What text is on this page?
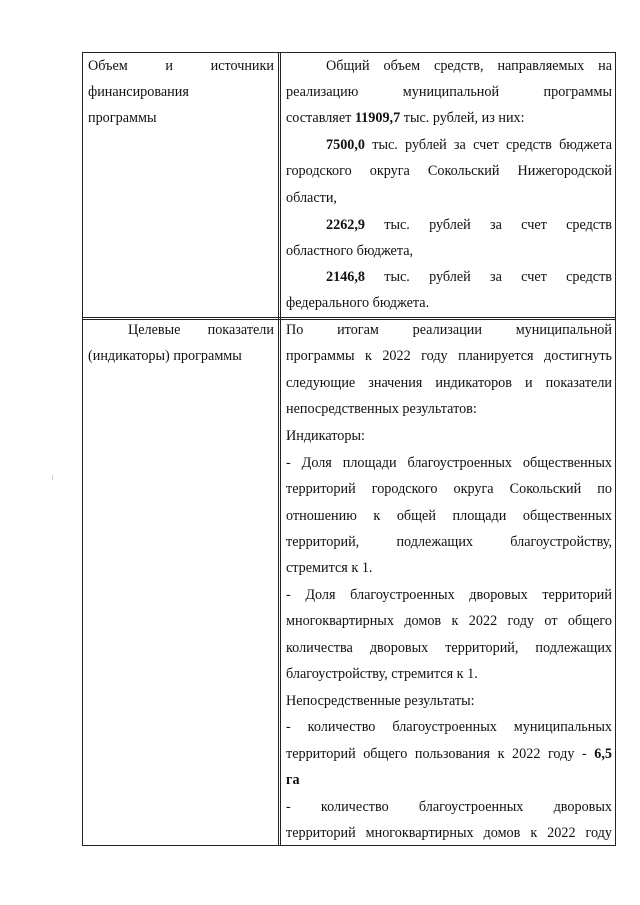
Объем и источники
финансирования
программы
Общий объем средств, направляемых на
реализацию муниципальной программы
составляет 11909,7 тыс. рублей, из них:
7500,0 тыс. рублей за счет средств бюджета
городского округа Сокольский Нижегородской
области,
2262,9 тыс. рублей за счет средств
областного бюджета,
2146,8 тыс. рублей за счет средств
федерального бюджета.
Целевые показатели
(индикаторы) программы
По итогам реализации муниципальной
программы к 2022 году планируется достигнуть
следующие значения индикаторов и показатели
непосредственных результатов:
Индикаторы:
- Доля площади благоустроенных общественных
территорий городского округа Сокольский по
отношению к общей площади общественных
территорий, подлежащих благоустройству,
стремится к 1.
- Доля благоустроенных дворовых территорий
многоквартирных домов к 2022 году от общего
количества дворовых территорий, подлежащих
благоустройству, стремится к 1.
Непосредственные результаты:
- количество благоустроенных муниципальных
территорий общего пользования к 2022 году - 6,5
га
- количество благоустроенных дворовых
территорий многоквартирных домов к 2022 году
